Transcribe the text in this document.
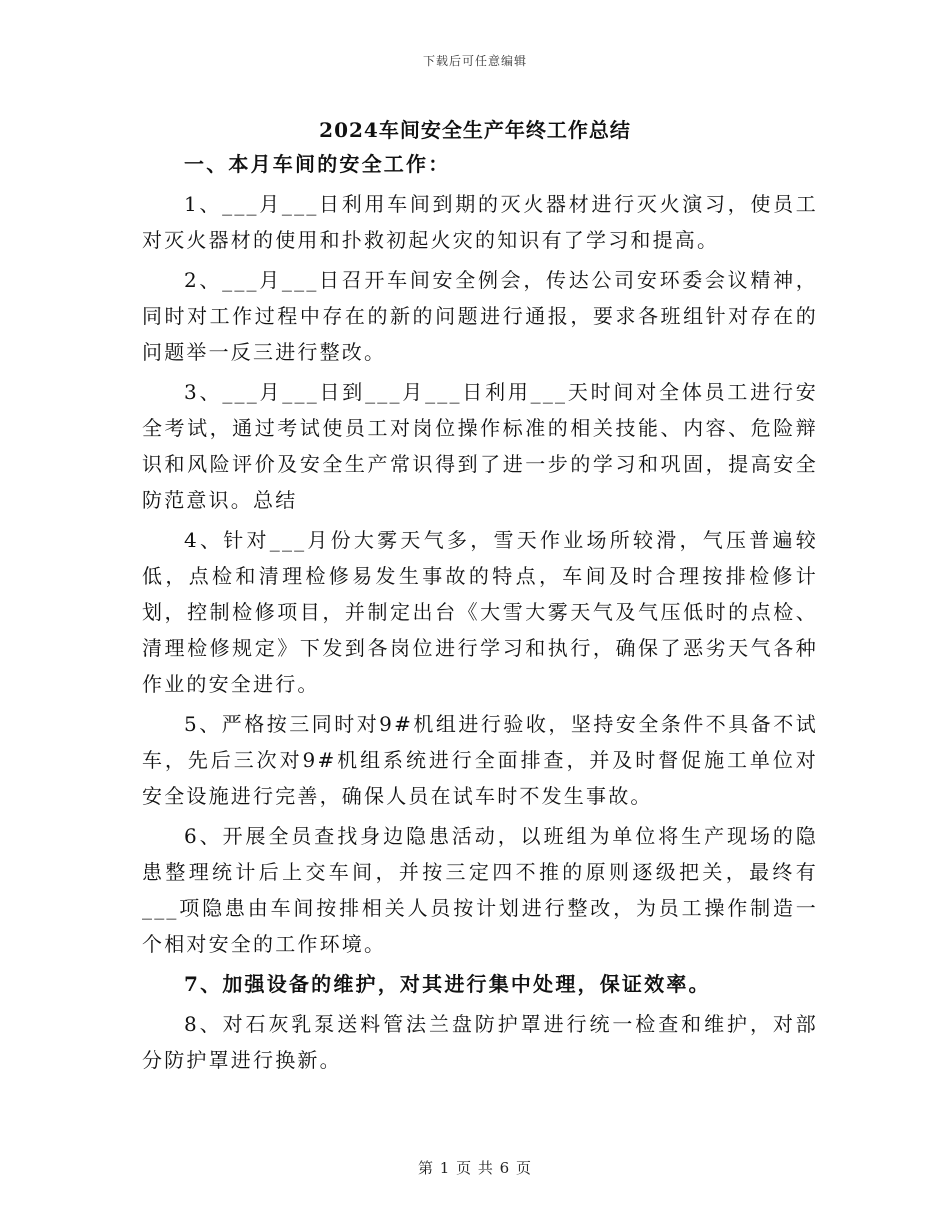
下载后可任意编辑
2024车间安全生产年终工作总结

一、本月车间的安全工作：

1、___月___日利用车间到期的灭火器材进行灭火演习，使员工对灭火器材的使用和扑救初起火灾的知识有了学习和提高。

2、___月___日召开车间安全例会，传达公司安环委会议精神，同时对工作过程中存在的新的问题进行通报，要求各班组针对存在的问题举一反三进行整改。

3、___月___日到___月___日利用___天时间对全体员工进行安全考试，通过考试使员工对岗位操作标准的相关技能、内容、危险辩识和风险评价及安全生产常识得到了进一步的学习和巩固，提高安全防范意识。总结

4、针对___月份大雾天气多，雪天作业场所较滑，气压普遍较低，点检和清理检修易发生事故的特点，车间及时合理按排检修计划，控制检修项目，并制定出台《大雪大雾天气及气压低时的点检、清理检修规定》下发到各岗位进行学习和执行，确保了恶劣天气各种作业的安全进行。

5、严格按三同时对9#机组进行验收，坚持安全条件不具备不试车，先后三次对9#机组系统进行全面排查，并及时督促施工单位对安全设施进行完善，确保人员在试车时不发生事故。

6、开展全员查找身边隐患活动，以班组为单位将生产现场的隐患整理统计后上交车间，并按三定四不推的原则逐级把关，最终有___项隐患由车间按排相关人员按计划进行整改，为员工操作制造一个相对安全的工作环境。

7、加强设备的维护，对其进行集中处理，保证效率。

8、对石灰乳泵送料管法兰盘防护罩进行统一检查和维护，对部分防护罩进行换新。

第 1 页 共 6 页
